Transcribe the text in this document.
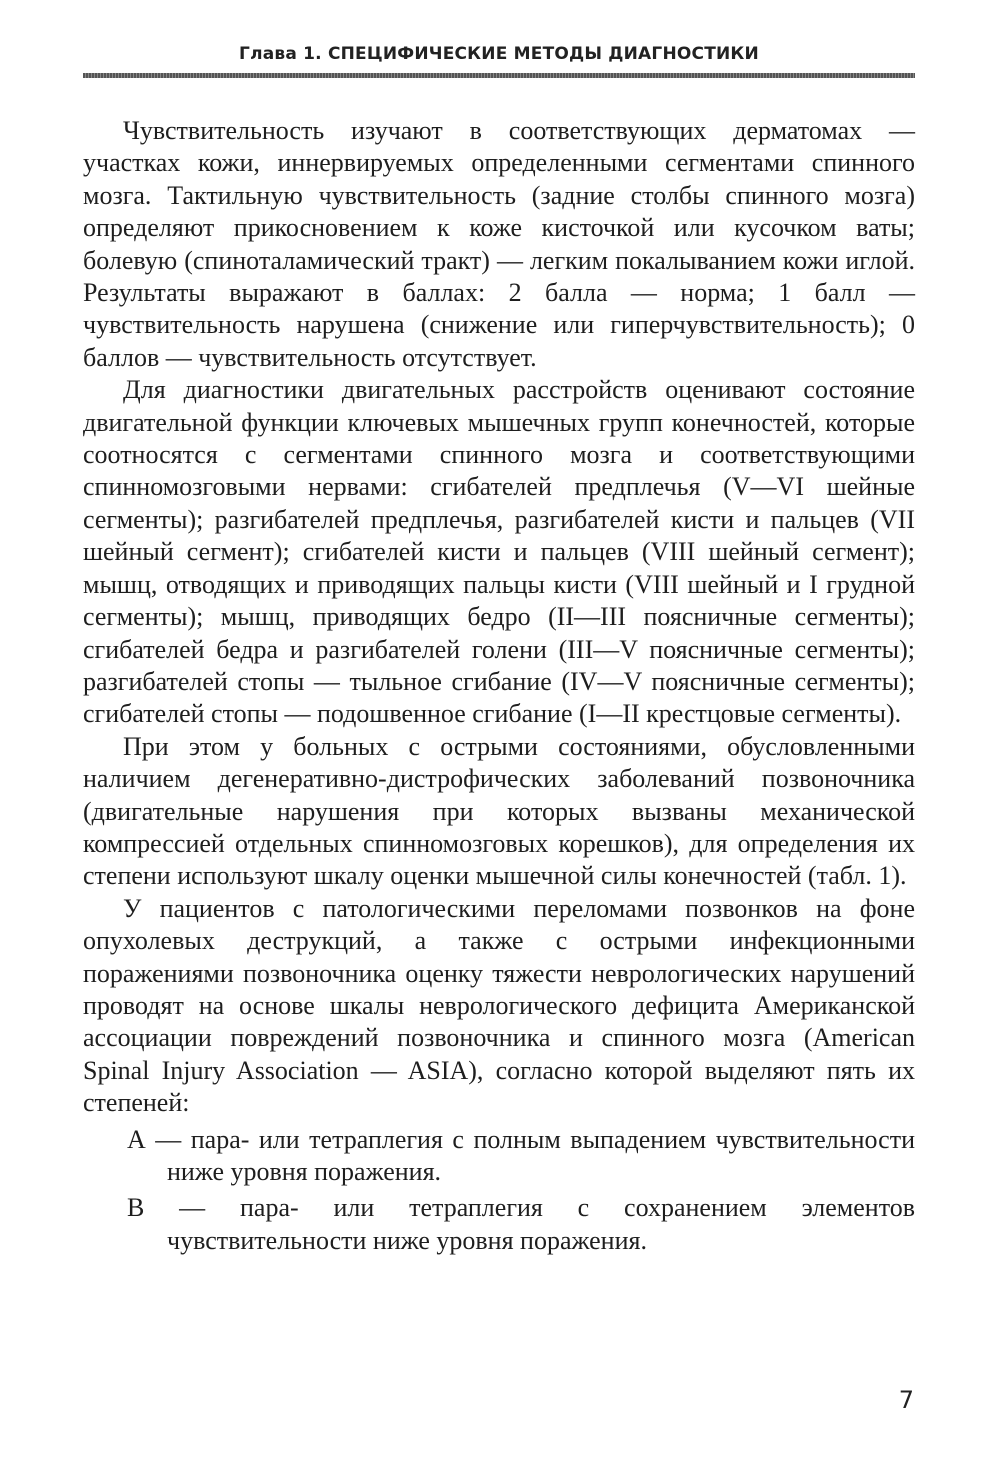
Глава 1. СПЕЦИФИЧЕСКИЕ МЕТОДЫ ДИАГНОСТИКИ

Чувствительность изучают в соответствующих дерматомах — участках кожи, иннервируемых определенными сегментами спинного мозга. Тактильную чувствительность (задние столбы спинного мозга) определяют прикосновением к коже кисточкой или кусочком ваты; болевую (спиноталамический тракт) — легким покалыванием кожи иглой. Результаты выражают в баллах: 2 балла — норма; 1 балл — чувствительность нарушена (снижение или гиперчувствительность); 0 баллов — чувствительность отсутствует.

Для диагностики двигательных расстройств оценивают состояние двигательной функции ключевых мышечных групп конечностей, которые соотносятся с сегментами спинного мозга и соответствующими спинномозговыми нервами: сгибателей предплечья (V—VI шейные сегменты); разгибателей предплечья, разгибателей кисти и пальцев (VII шейный сегмент); сгибателей кисти и пальцев (VIII шейный сегмент); мышц, отводящих и приводящих пальцы кисти (VIII шейный и I грудной сегменты); мышц, приводящих бедро (II—III поясничные сегменты); сгибателей бедра и разгибателей голени (III—V поясничные сегменты); разгибателей стопы — тыльное сгибание (IV—V поясничные сегменты); сгибателей стопы — подошвенное сгибание (I—II крестцовые сегменты).

При этом у больных с острыми состояниями, обусловленными наличием дегенеративно-дистрофических заболеваний позвоночника (двигательные нарушения при которых вызваны механической компрессией отдельных спинномозговых корешков), для определения их степени используют шкалу оценки мышечной силы конечностей (табл. 1).

У пациентов с патологическими переломами позвонков на фоне опухолевых деструкций, а также с острыми инфекционными поражениями позвоночника оценку тяжести неврологических нарушений проводят на основе шкалы неврологического дефицита Американской ассоциации повреждений позвоночника и спинного мозга (American Spinal Injury Association — ASIA), согласно которой выделяют пять их степеней:

А — пара- или тетраплегия с полным выпадением чувствительности ниже уровня поражения.

В — пара- или тетраплегия с сохранением элементов чувствительности ниже уровня поражения.

7
